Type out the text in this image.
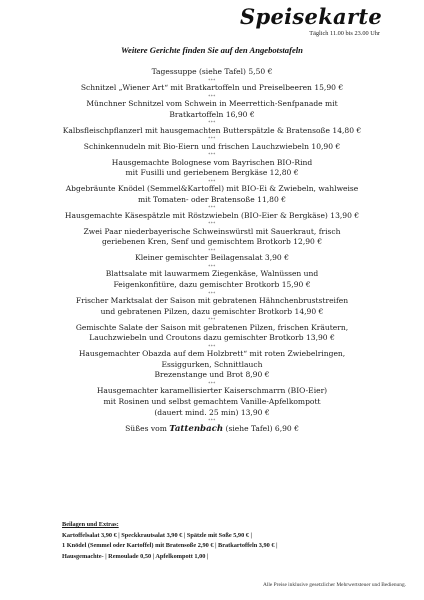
Speisekarte
Täglich 11.00 bis 23.00 Uhr
Weitere Gerichte finden Sie auf den Angebotstafeln
Tagessuppe (siehe Tafel) 5,50 €
***
Schnitzel „Wiener Art“ mit Bratkartoffeln und Preiselbeeren 15,90 €
***
Münchner Schnitzel vom Schwein in Meerrettich-Senfpanade mit
Bratkartoffeln 16,90 €
***
Kalbsfleischpflanzerl mit hausgemachten Butterspätzle & Bratensoße 14,80 €
***
Schinkennudeln mit Bio-Eiern und frischen Lauchzwiebeln 10,90 €
***
Hausgemachte Bolognese vom Bayrischen BIO-Rind
mit Fusilli und geriebenem Bergkäse 12,80 €
***
Abgebräunte Knödel (Semmel&Kartoffel) mit BIO-Ei & Zwiebeln, wahlweise
mit Tomaten- oder Bratensoße 11,80 €
***
Hausgemachte Käsespätzle mit Röstzwiebeln (BIO-Eier & Bergkäse) 13,90 €
***
Zwei Paar niederbayerische Schweinswürstl mit Sauerkraut, frisch
geriebenen Kren, Senf und gemischtem Brotkorb 12,90 €
***
Kleiner gemischter Beilagensalat 3,90 €
***
Blattsalate mit lauwarmem Ziegenkäse, Walnüssen und
Feigenkonfitüre, dazu gemischter Brotkorb 15,90 €
***
Frischer Marktsalat der Saison mit gebratenen Hähnchenbruststreifen
und gebratenen Pilzen, dazu gemischter Brotkorb 14,90 €
***
Gemischte Salate der Saison mit gebratenen Pilzen, frischen Kräutern,
Lauchzwiebeln und Croutons dazu gemischter Brotkorb 13,90 €
***
Hausgemachter Obazda auf dem Holzbrett“ mit roten Zwiebelringen,
Essiggurken, Schnittlauch
Brezenstange und Brot 8,90 €
***
Hausgemachter karamellisierter Kaiserschmarrn (BIO-Eier)
mit Rosinen und selbst gemachtem Vanille-Apfelkompott
(dauert mind. 25 min) 13,90 €
***
Süßes vom Tattenbach (siehe Tafel) 6,90 €
Beilagen und Extras:
Kartoffelsalat 3,90 € | Speckkrautsalat 3,90 € | Spätzle mit Soße 5,90 € |
1 Knödel (Semmel oder Kartoffel) mit Bratensoße 2,90 € | Bratkartoffeln 3,90 € |
Hausgemachte- | Remoulade 0,50 | Apfelkompott 1,00 |
Alle Preise inklusive gesetzlicher Mehrwertsteuer und Bedienung.
